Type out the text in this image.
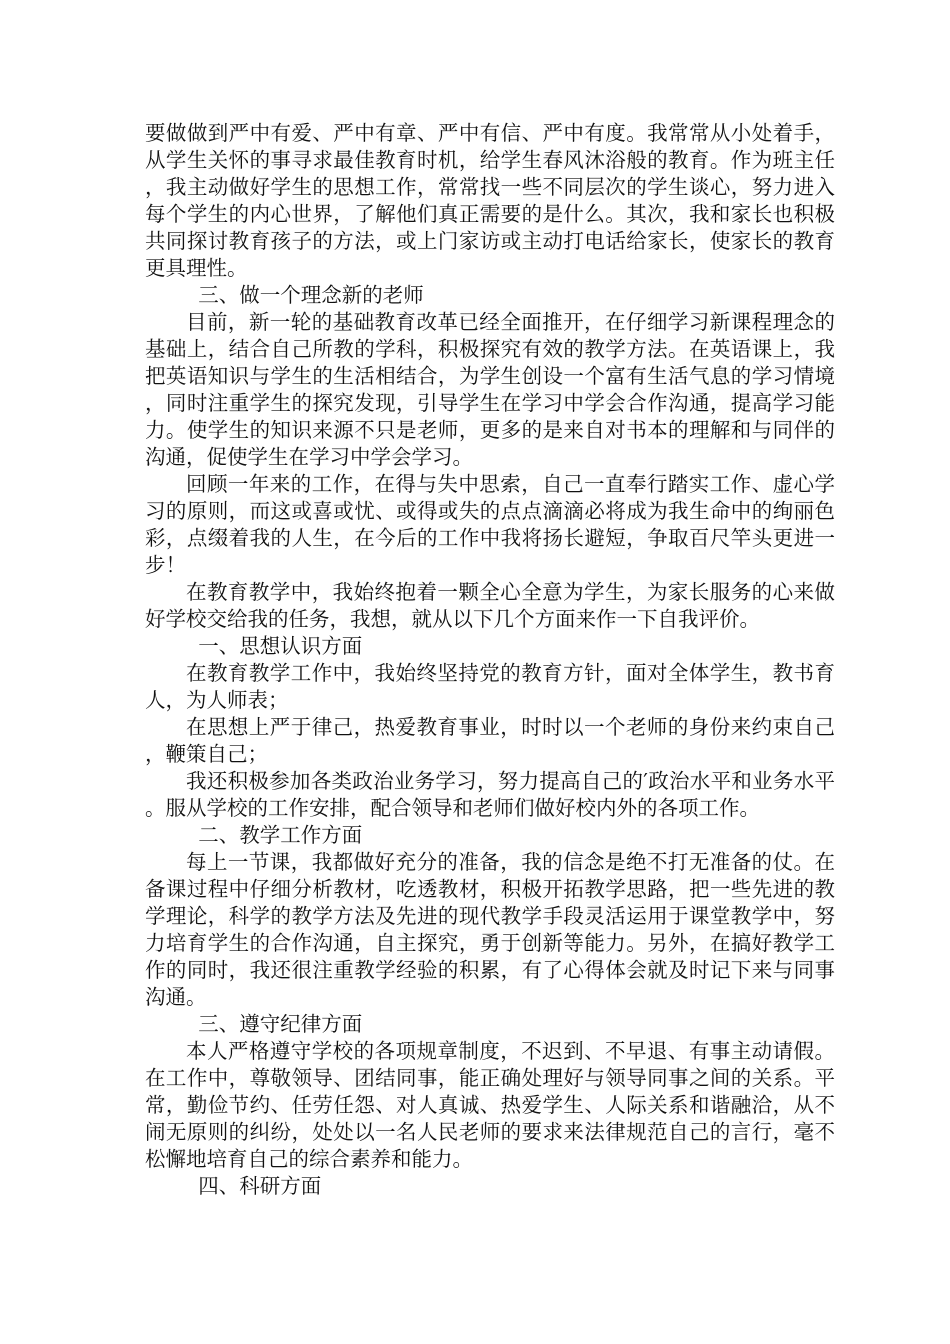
要做做到严中有爱、严中有章、严中有信、严中有度。我常常从小处着手，从学生关怀的事寻求最佳教育时机，给学生春风沐浴般的教育。作为班主任，我主动做好学生的思想工作，常常找一些不同层次的学生谈心，努力进入每个学生的内心世界，了解他们真正需要的是什么。其次，我和家长也积极共同探讨教育孩子的方法，或上门家访或主动打电话给家长，使家长的教育更具理性。

三、做一个理念新的老师

目前，新一轮的基础教育改革已经全面推开，在仔细学习新课程理念的基础上，结合自己所教的学科，积极探究有效的教学方法。在英语课上，我把英语知识与学生的生活相结合，为学生创设一个富有生活气息的学习情境，同时注重学生的探究发现，引导学生在学习中学会合作沟通，提高学习能力。使学生的知识来源不只是老师，更多的是来自对书本的理解和与同伴的沟通，促使学生在学习中学会学习。

回顾一年来的工作，在得与失中思索，自己一直奉行踏实工作、虚心学习的原则，而这或喜或忧、或得或失的点点滴滴必将成为我生命中的绚丽色彩，点缀着我的人生，在今后的工作中我将扬长避短，争取百尺竿头更进一步！

在教育教学中，我始终抱着一颗全心全意为学生，为家长服务的心来做好学校交给我的任务，我想，就从以下几个方面来作一下自我评价。

一、思想认识方面

在教育教学工作中，我始终坚持党的教育方针，面对全体学生，教书育人，为人师表；

在思想上严于律己，热爱教育事业，时时以一个老师的身份来约束自己，鞭策自己；

我还积极参加各类政治业务学习，努力提高自己的′政治水平和业务水平。服从学校的工作安排，配合领导和老师们做好校内外的各项工作。

二、教学工作方面

每上一节课，我都做好充分的准备，我的信念是绝不打无准备的仗。在备课过程中仔细分析教材，吃透教材，积极开拓教学思路，把一些先进的教学理论，科学的教学方法及先进的现代教学手段灵活运用于课堂教学中，努力培育学生的合作沟通，自主探究，勇于创新等能力。另外，在搞好教学工作的同时，我还很注重教学经验的积累，有了心得体会就及时记下来与同事沟通。

三、遵守纪律方面

本人严格遵守学校的各项规章制度，不迟到、不早退、有事主动请假。在工作中，尊敬领导、团结同事，能正确处理好与领导同事之间的关系。平常，勤俭节约、任劳任怨、对人真诚、热爱学生、人际关系和谐融洽，从不闹无原则的纠纷，处处以一名人民老师的要求来法律规范自己的言行，毫不松懈地培育自己的综合素养和能力。

四、科研方面
